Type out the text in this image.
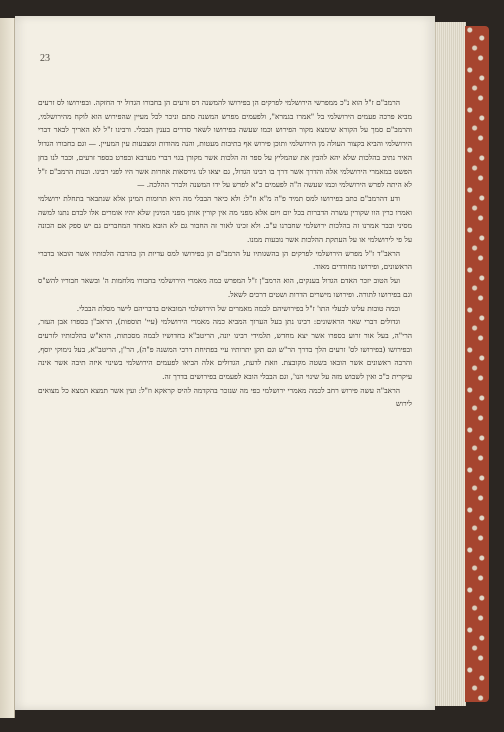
23

הרמב"ם ז"ל הוא נ"כ ממפרשי הירושלמי לפרקים הן בפירושו להמשנה דס זרעים הן בחבורו הגדול יד החזקה. ובפירושו לס זרעים מביא פרכה פעמים הירושלמי בל "אמרו בגמרא", ולפעמים מפרש המשנה סתם וניכר לכל מעיין שהפירוש הוא לוקח מהירושלמי, והרמב"ם סמך על הקורא שימצא מקור הפירוש וכמו שעשה בפירושו לשאר סדרים בענין הבבלי. ורבינו ז"ל לא האריך לבאר דברי הירושלמי והביא בקצור העולה מן הירושלמי ותוכן פירוש אף בתיבות מעטות, והנה מהודות ומצבעות עין המעיין. — וגם בחבורו הגדול האיר נתיב בהלכות שלא יהא להבין את שהמליץ על ספר זה הלכות אשר מקורן בגוי דברי מערבא ובפרט בספר זרעים, וכבר לנו בחן הפשט במאמרי הירושלמי אלה והדרך אשר דרך בו רבינו הגדול, גם יצאו לנו גירסאות אחרות אשר היו לפני רבינו. ובנות הרמב"ם ז"ל לא היתה לפרש הירושלמי וכמו שעשה ה"ה לפעמים כ"א לפרש על ידו המשנה ולברר ההלכה. —

ודע דהרמב"ם כתב בפירושו למס תמיד פ"ה מ"א וז"ל: ולא כיאר הבבלי מה היא תרומות המינן אלא שנתבאר בתחלת ירושלמי ואמרו כרין הוו שקורין עשרה הדברות בכל יום ויום אלא מפני מה אין קורין אותן מפני המינין שלא יהיו אומרים אלו לבדם נתנו למשה מסיני ובבר אמרנו זה בהלכות ירושלמי שחברנו ע"כ. ולא זכינו לאור זה החבור גם לא הובא מאחד המחברים גם יש ספק אם הכונה על פי לירושלמי או על העתקת ההלכות אשר נובעות ממנו.

הראב"ד ז"ל מפרש הירושלמי לפרקים הן בהשגותיו על הרמב"ם הן בפירושו למס עדיות הן בהרבה הלכותיו אשר הובאו בדברי הראשונים, ופירושו מחודדים מאוד.

ועל הטוב יזכר האדם הגדול בענקים, הוא הרמב"ן ז"ל המפרש כמה מאמרי הירושלמי בחבורו מלחמות ה' ובשאר חבוריו להש"ס וגם בפירושו לתורה. ופירושו מישרים הדרות ושטים דרכים לשאל.

וכמה טובות עלינו לבעלי התו' ז"ל בפירושיהם לכמה מאמרים של הירושלמי המובאים בדבריהם לישר מסלת הבבלי.

וגדולים דברי שאר הראשונים: רבינו נתן בעל הערוך המביא כמה מאמרי הירושלמי (עיי' תוספות), הראב"ן בספרו אבן העזר, הרי"ה, בעל אור זרוע בספרו אשר יצא מחדש, תלמידי רבינו יונה, הריטב"א בחדושיו לבמה מסכתות, הרא"ש בהלכותיו לזרעים ובפירושו (בפירושו לס' זרעים הלך בדרך הר"ש וגם תקן יתרותיו עיי בפתיחת דרכי המשנה פ"ה), הר"ן, הריטב"א, בעל נימוקי יוסף, והרבה ראשונים אשר הובאו בשטה מקובצת. וזאת לדעת, הגדולים אלה הביאו לפעמים הירושלמי בשינוי איזה תיבה אשר אינה עיקרית כ"כ ואין לשבוש מזה על שינוי הנו', וגם הבבלי הובא לפעמים בפירושים בדרך זה.

הראב"ה עשה פירוש רחב לכמה מאמרי ירושלמי כפי מה שנזכר בהקדמה להיס קראקא וז"ל: ועין אשר תמצא המצא כל מצואים לירוש
